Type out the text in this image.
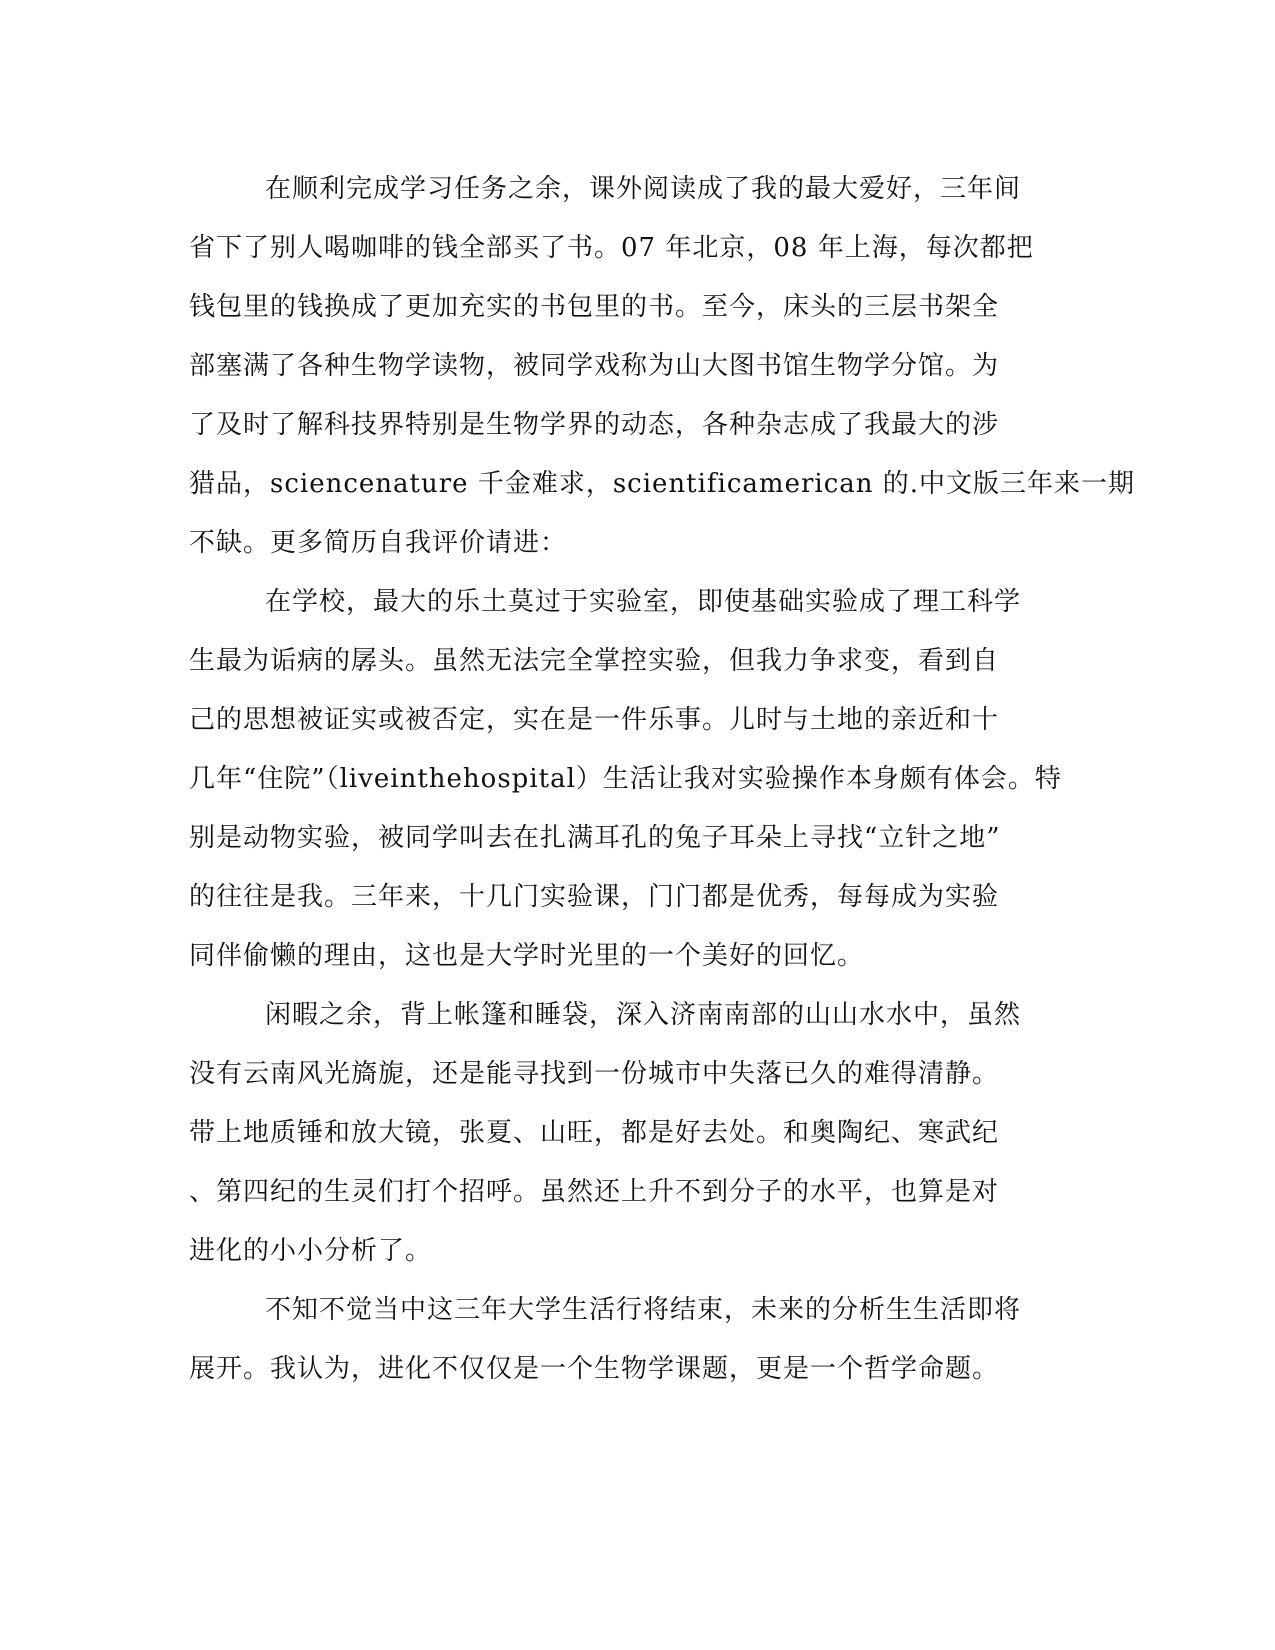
在顺利完成学习任务之余，课外阅读成了我的最大爱好，三年间
省下了别人喝咖啡的钱全部买了书。07 年北京，08 年上海，每次都把
钱包里的钱换成了更加充实的书包里的书。至今，床头的三层书架全
部塞满了各种生物学读物，被同学戏称为山大图书馆生物学分馆。为
了及时了解科技界特别是生物学界的动态，各种杂志成了我最大的涉
猎品，sciencenature 千金难求，scientificamerican 的.中文版三年来一期
不缺。更多简历自我评价请进：
在学校，最大的乐土莫过于实验室，即使基础实验成了理工科学
生最为诟病的孱头。虽然无法完全掌控实验，但我力争求变，看到自
己的思想被证实或被否定，实在是一件乐事。儿时与土地的亲近和十
几年“住院”（liveinthehospital）生活让我对实验操作本身颇有体会。特
别是动物实验，被同学叫去在扎满耳孔的兔子耳朵上寻找“立针之地”
的往往是我。三年来，十几门实验课，门门都是优秀，每每成为实验
同伴偷懒的理由，这也是大学时光里的一个美好的回忆。
闲暇之余，背上帐篷和睡袋，深入济南南部的山山水水中，虽然
没有云南风光旖旎，还是能寻找到一份城市中失落已久的难得清静。
带上地质锤和放大镜，张夏、山旺，都是好去处。和奥陶纪、寒武纪
、第四纪的生灵们打个招呼。虽然还上升不到分子的水平，也算是对
进化的小小分析了。
不知不觉当中这三年大学生活行将结束，未来的分析生生活即将
展开。我认为，进化不仅仅是一个生物学课题，更是一个哲学命题。
